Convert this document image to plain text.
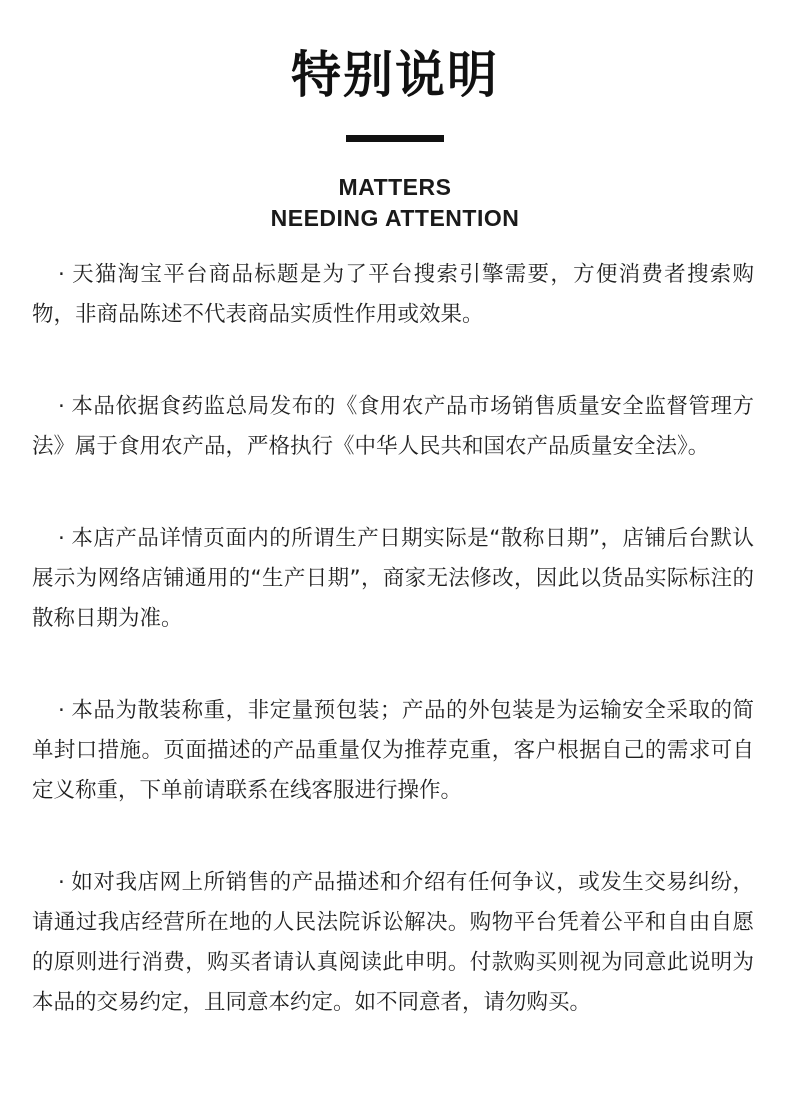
特别说明
MATTERS
NEEDING ATTENTION

· 天猫淘宝平台商品标题是为了平台搜索引擎需要，方便消费者搜索购物，非商品陈述不代表商品实质性作用或效果。

· 本品依据食药监总局发布的《食用农产品市场销售质量安全监督管理方法》属于食用农产品，严格执行《中华人民共和国农产品质量安全法》。

· 本店产品详情页面内的所谓生产日期实际是“散称日期”，店铺后台默认展示为网络店铺通用的“生产日期”，商家无法修改，因此以货品实际标注的散称日期为准。

· 本品为散装称重，非定量预包装；产品的外包装是为运输安全采取的简单封口措施。页面描述的产品重量仅为推荐克重，客户根据自己的需求可自定义称重，下单前请联系在线客服进行操作。

· 如对我店网上所销售的产品描述和介绍有任何争议，或发生交易纠纷，请通过我店经营所在地的人民法院诉讼解决。购物平台凭着公平和自由自愿的原则进行消费，购买者请认真阅读此申明。付款购买则视为同意此说明为本品的交易约定，且同意本约定。如不同意者，请勿购买。
